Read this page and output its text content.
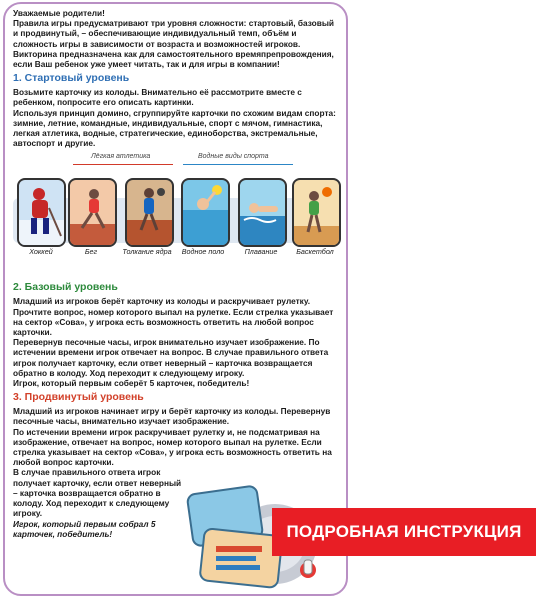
Уважаемые родители!

Правила игры предусматривают три уровня сложности: стартовый, базовый и продвинутый, – обеспечивающие индивидуальный темп, объём и сложность игры в зависимости от возраста и возможностей игроков.

Викторина предназначена как для самостоятельного времяпрепровождения, если Ваш ребенок уже умеет читать, так и для игры в компании!

1. Стартовый уровень

Возьмите карточку из колоды. Внимательно её рассмотрите вместе с ребенком, попросите его описать картинки.

Используя принцип домино, сгруппируйте карточки по схожим видам спорта: зимние, летние, командные, индивидуальные, спорт с мячом, гимнастика, легкая атлетика, водные, стратегические, единоборства, экстремальные, автоспорт и другие.

Лёгкая атлетика	Водные виды спорта
Хоккей	Бег	Толкание ядра	Водное поло	Плавание	Баскетбол
2. Базовый уровень

Младший из игроков берёт карточку из колоды и раскручивает рулетку.

Прочтите вопрос, номер которого выпал на рулетке. Если стрелка указывает на сектор «Сова», у игрока есть возможность ответить на любой вопрос карточки.

Перевернув песочные часы, игрок внимательно изучает изображение. По истечении времени игрок отвечает на вопрос. В случае правильного ответа игрок получает карточку, если ответ неверный – карточка возвращается обратно в колоду. Ход переходит к следующему игроку.

Игрок, который первым соберёт 5 карточек, победитель!

3. Продвинутый уровень

Младший из игроков начинает игру и берёт карточку из колоды. Перевернув песочные часы, внимательно изучает изображение.

По истечении времени игрок раскручивает рулетку и, не подсматривая на изображение, отвечает на вопрос, номер которого выпал на рулетке. Если стрелка указывает на сектор «Сова», у игрока есть возможность ответить на любой вопрос карточки.

В случае правильного ответа игрок получает карточку, если ответ неверный – карточка возвращается обратно в колоду. Ход переходит к следующему игроку.

Игрок, который первым собрал 5 карточек, победитель!	ПОДРОБНАЯ ИНСТРУКЦИЯ
